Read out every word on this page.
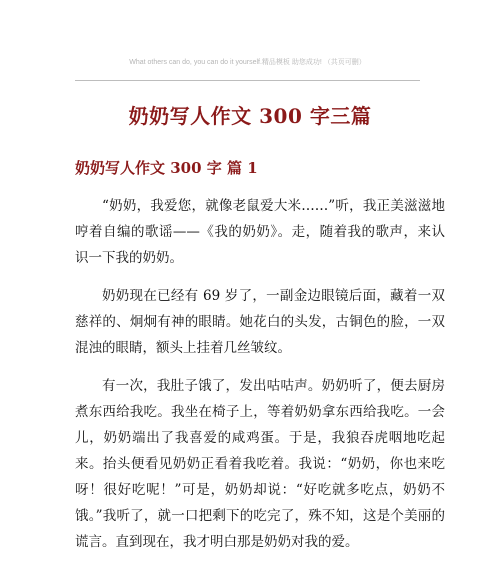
What others can do, you can do it yourself.精品模板 助您成功! （共页可删）
奶奶写人作文 300 字三篇
奶奶写人作文 300 字 篇 1

“奶奶，我爱您，就像老鼠爱大米……”听，我正美滋滋地哼着自编的歌谣——《我的奶奶》。走，随着我的歌声，来认识一下我的奶奶。

奶奶现在已经有 69 岁了，一副金边眼镜后面，藏着一双慈祥的、炯炯有神的眼睛。她花白的头发，古铜色的脸，一双混浊的眼睛，额头上挂着几丝皱纹。

有一次，我肚子饿了，发出咕咕声。奶奶听了，便去厨房煮东西给我吃。我坐在椅子上，等着奶奶拿东西给我吃。一会儿，奶奶端出了我喜爱的咸鸡蛋。于是，我狼吞虎咽地吃起来。抬头便看见奶奶正看着我吃着。我说：“奶奶，你也来吃呀！很好吃呢！”可是，奶奶却说：“好吃就多吃点，奶奶不饿。”我听了，就一口把剩下的吃完了，殊不知，这是个美丽的谎言。直到现在，我才明白那是奶奶对我的爱。
